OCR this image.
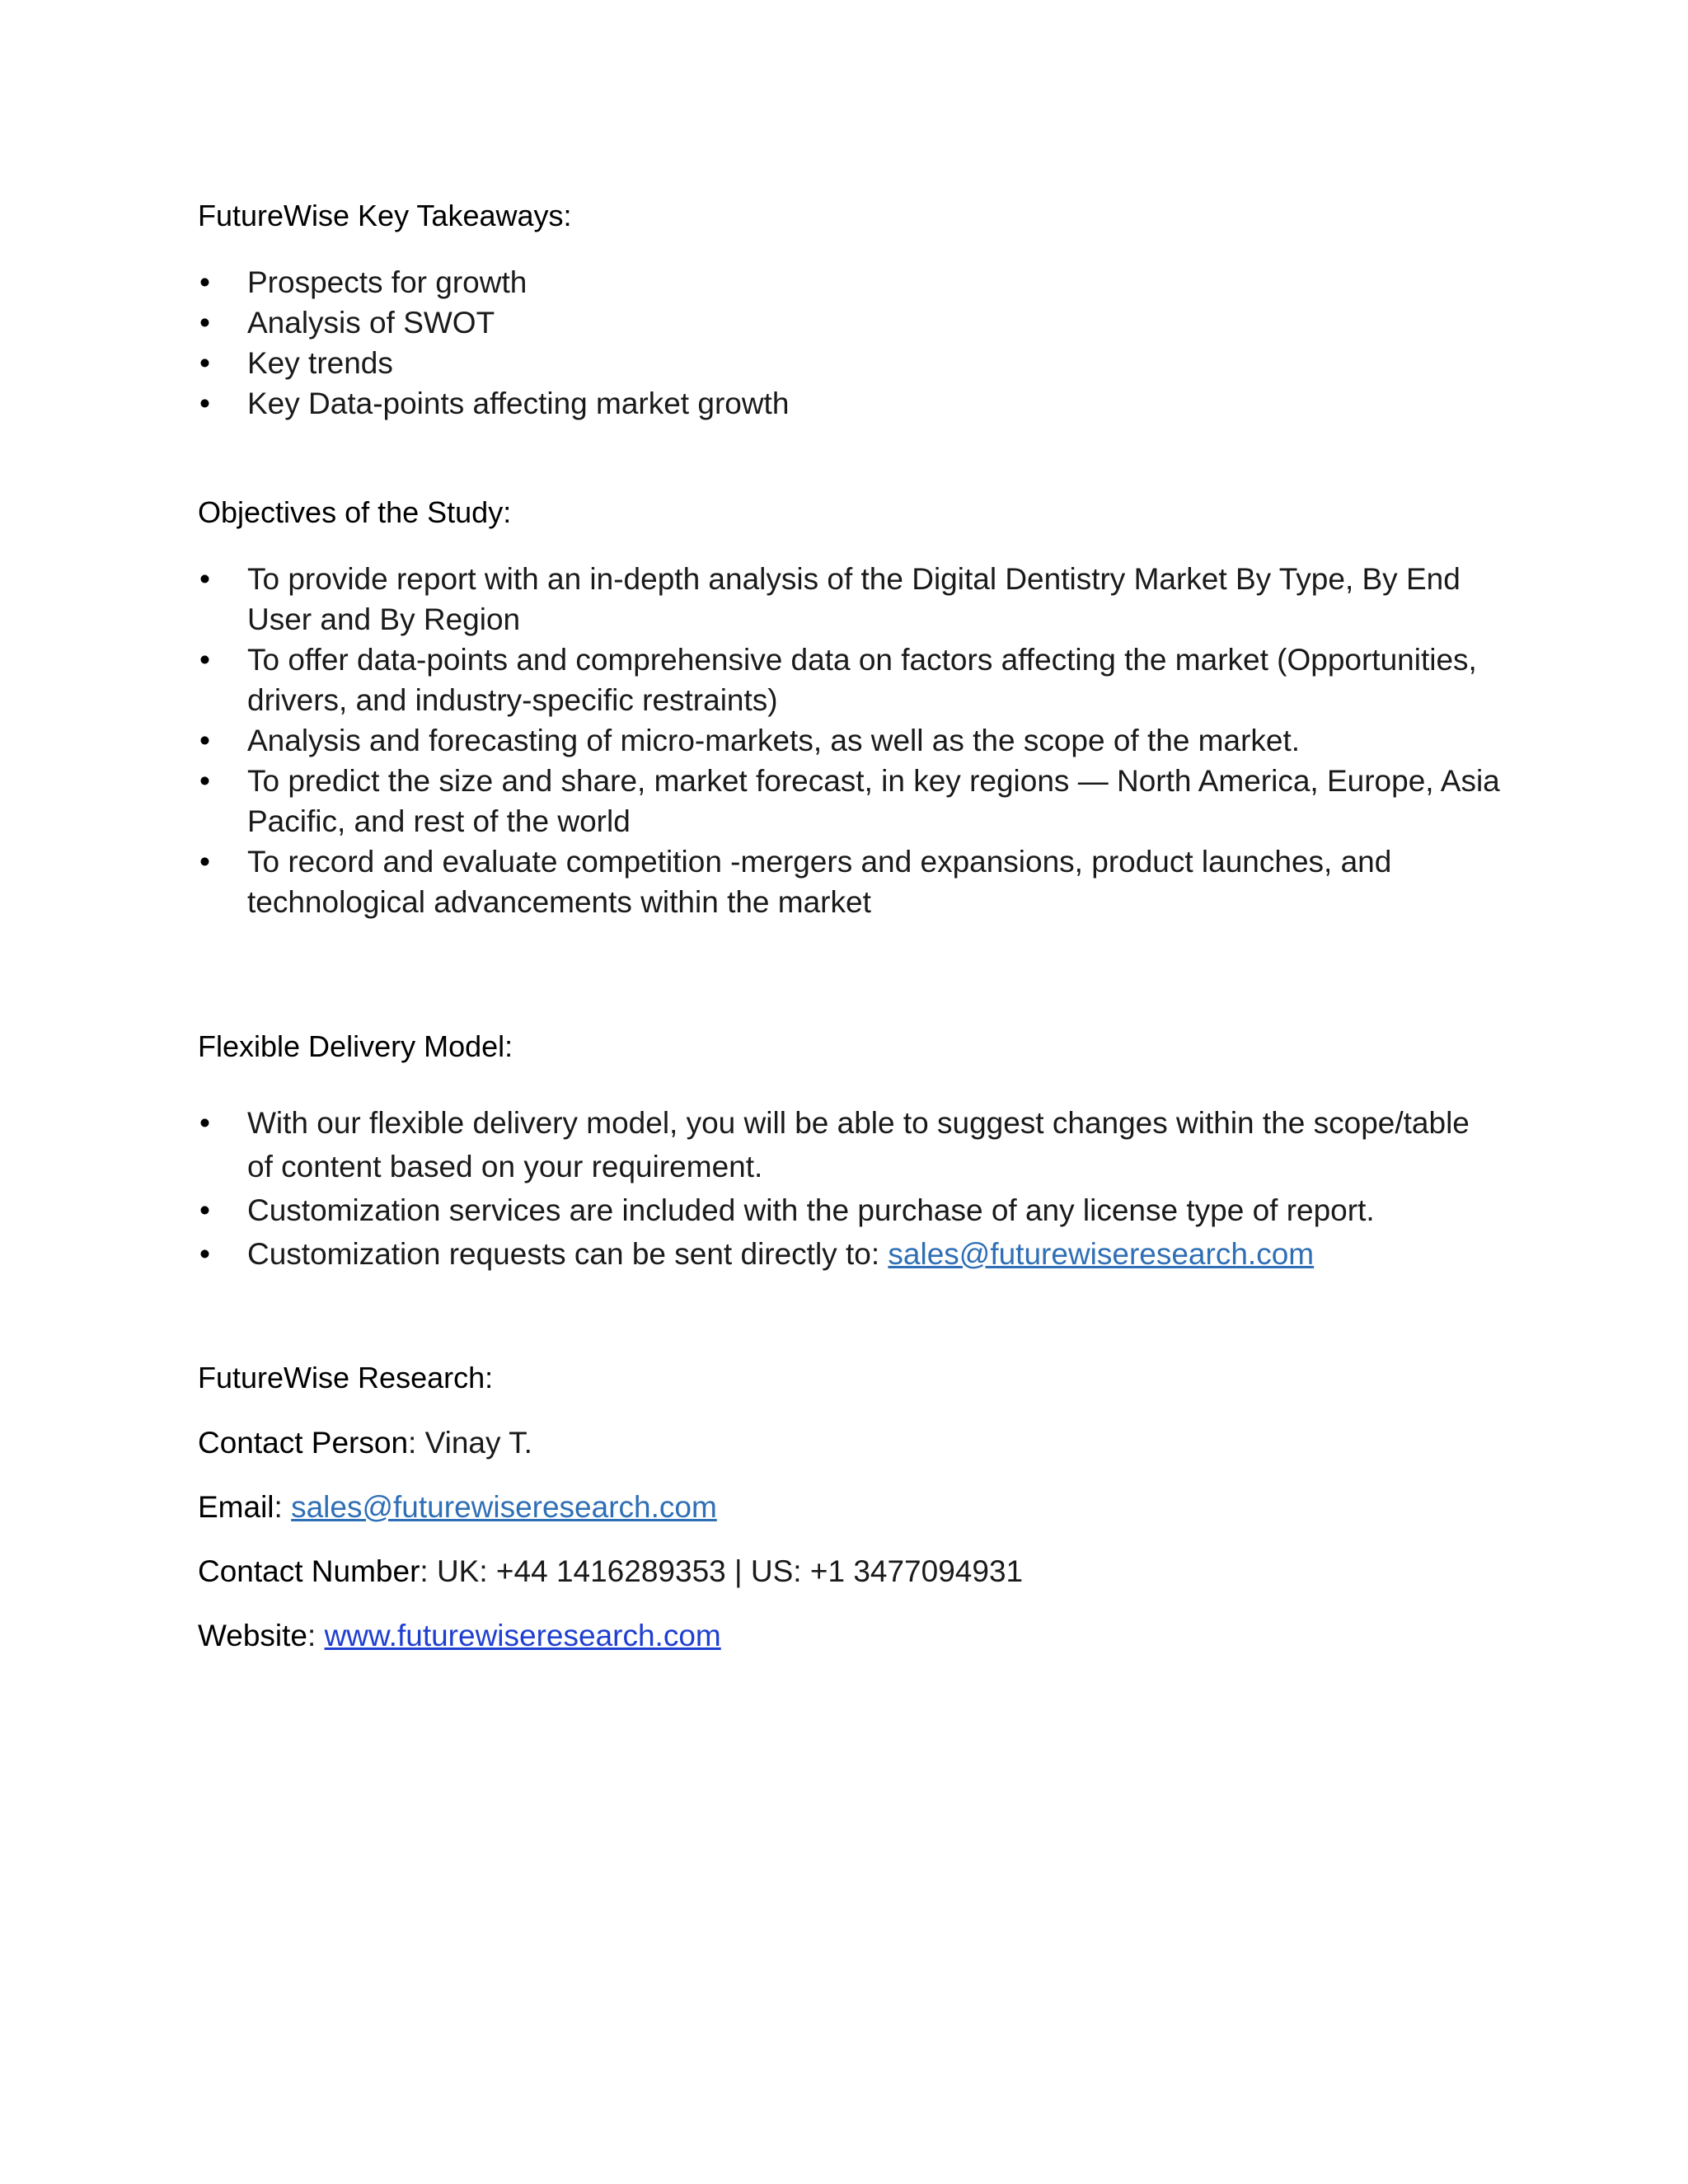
FutureWise Key Takeaways:
• Prospects for growth
• Analysis of SWOT
• Key trends
• Key Data-points affecting market growth
Objectives of the Study:
• To provide report with an in-depth analysis of the Digital Dentistry Market By Type, By End User and By Region
• To offer data-points and comprehensive data on factors affecting the market (Opportunities, drivers, and industry-specific restraints)
• Analysis and forecasting of micro-markets, as well as the scope of the market.
• To predict the size and share, market forecast, in key regions — North America, Europe, Asia Pacific, and rest of the world
• To record and evaluate competition -mergers and expansions, product launches, and technological advancements within the market
Flexible Delivery Model:
• With our flexible delivery model, you will be able to suggest changes within the scope/table of content based on your requirement.
• Customization services are included with the purchase of any license type of report.
• Customization requests can be sent directly to: sales@futurewiseresearch.com
FutureWise Research:
Contact Person: Vinay T.
Email: sales@futurewiseresearch.com
Contact Number: UK: +44 1416289353 | US: +1 3477094931
Website: www.futurewiseresearch.com
